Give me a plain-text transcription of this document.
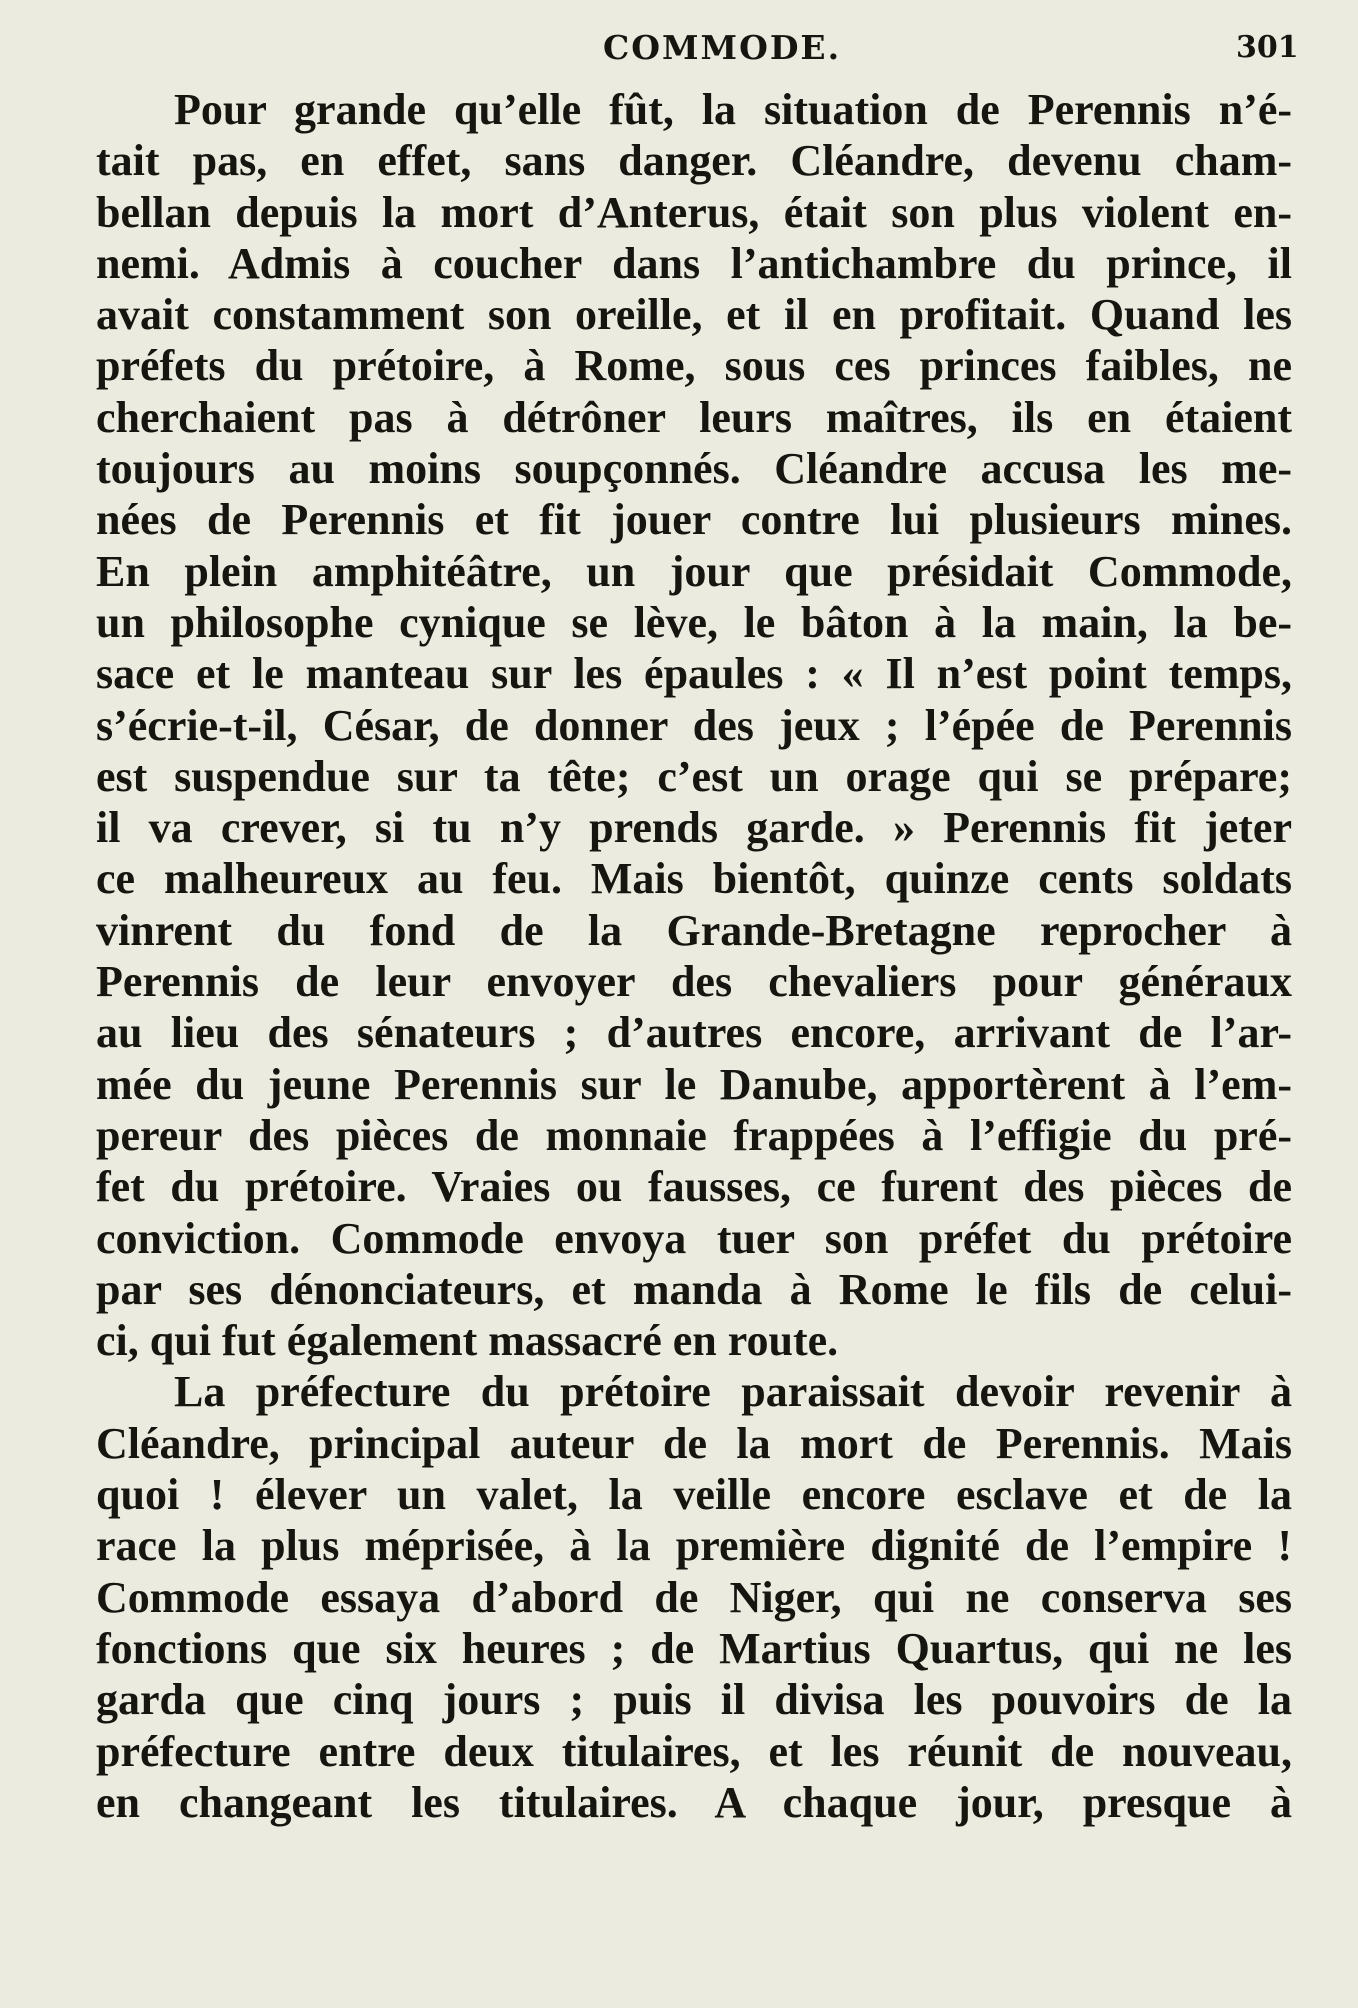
COMMODE.	301

Pour grande qu’elle fût, la situation de Perennis n’é-
tait pas, en effet, sans danger. Cléandre, devenu cham-
bellan depuis la mort d’Anterus, était son plus violent en-
nemi. Admis à coucher dans l’antichambre du prince, il
avait constamment son oreille, et il en profitait. Quand les
préfets du prétoire, à Rome, sous ces princes faibles, ne
cherchaient pas à détrôner leurs maîtres, ils en étaient
toujours au moins soupçonnés. Cléandre accusa les me-
nées de Perennis et fit jouer contre lui plusieurs mines.
En plein amphitéâtre, un jour que présidait Commode,
un philosophe cynique se lève, le bâton à la main, la be-
sace et le manteau sur les épaules : « Il n’est point temps,
s’écrie-t-il, César, de donner des jeux ; l’épée de Perennis
est suspendue sur ta tête; c’est un orage qui se prépare;
il va crever, si tu n’y prends garde. » Perennis fit jeter
ce malheureux au feu. Mais bientôt, quinze cents soldats
vinrent du fond de la Grande-Bretagne reprocher à
Perennis de leur envoyer des chevaliers pour généraux
au lieu des sénateurs ; d’autres encore, arrivant de l’ar-
mée du jeune Perennis sur le Danube, apportèrent à l’em-
pereur des pièces de monnaie frappées à l’effigie du pré-
fet du prétoire. Vraies ou fausses, ce furent des pièces de
conviction. Commode envoya tuer son préfet du prétoire
par ses dénonciateurs, et manda à Rome le fils de celui-
ci, qui fut également massacré en route.

La préfecture du prétoire paraissait devoir revenir à
Cléandre, principal auteur de la mort de Perennis. Mais
quoi ! élever un valet, la veille encore esclave et de la
race la plus méprisée, à la première dignité de l’empire !
Commode essaya d’abord de Niger, qui ne conserva ses
fonctions que six heures ; de Martius Quartus, qui ne les
garda que cinq jours ; puis il divisa les pouvoirs de la
préfecture entre deux titulaires, et les réunit de nouveau,
en changeant les titulaires. A chaque jour, presque à
